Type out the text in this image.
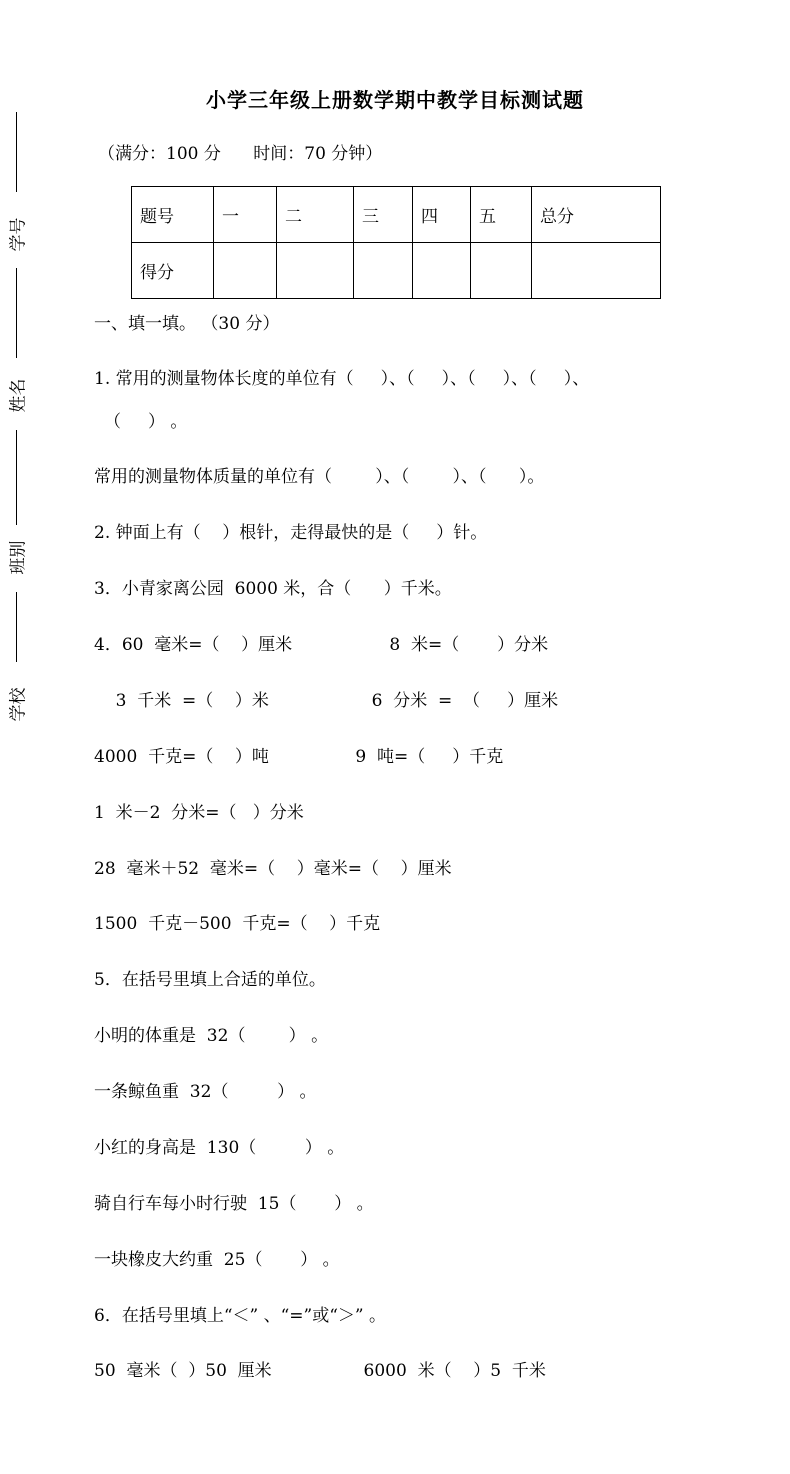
学号
姓名
班别
学校
小学三年级上册数学期中教学目标测试题
（满分：100 分      时间：70 分钟）
题号	一	二	三	四	五	总分
得分						
一、填一填。 （30 分）
1. 常用的测量物体长度的单位有（     ）、（     ）、（     ）、（     ）、
（     ） 。
常用的测量物体质量的单位有（        ）、（        ）、（      ）。
2. 钟面上有（    ）根针，走得最快的是（     ）针。
3．小青家离公园  6000 米，合（      ）千米。
4．60  毫米=（    ）厘米                  8  米=（       ）分米
3  千米  =（    ）米                   6  分米  =  （     ）厘米
4000  千克=（    ）吨                9  吨=（     ）千克
1  米－2  分米=（   ）分米
28  毫米＋52  毫米=（    ）毫米=（    ）厘米
1500  千克－500  千克=（    ）千克
5．在括号里填上合适的单位。
小明的体重是  32（        ） 。
一条鲸鱼重  32（         ） 。
小红的身高是  130（         ） 。
骑自行车每小时行驶  15（       ） 。
一块橡皮大约重  25（       ） 。
6．在括号里填上“＜” 、“=”或“＞” 。
50  毫米（  ）50  厘米                 6000  米（    ）5  千米
